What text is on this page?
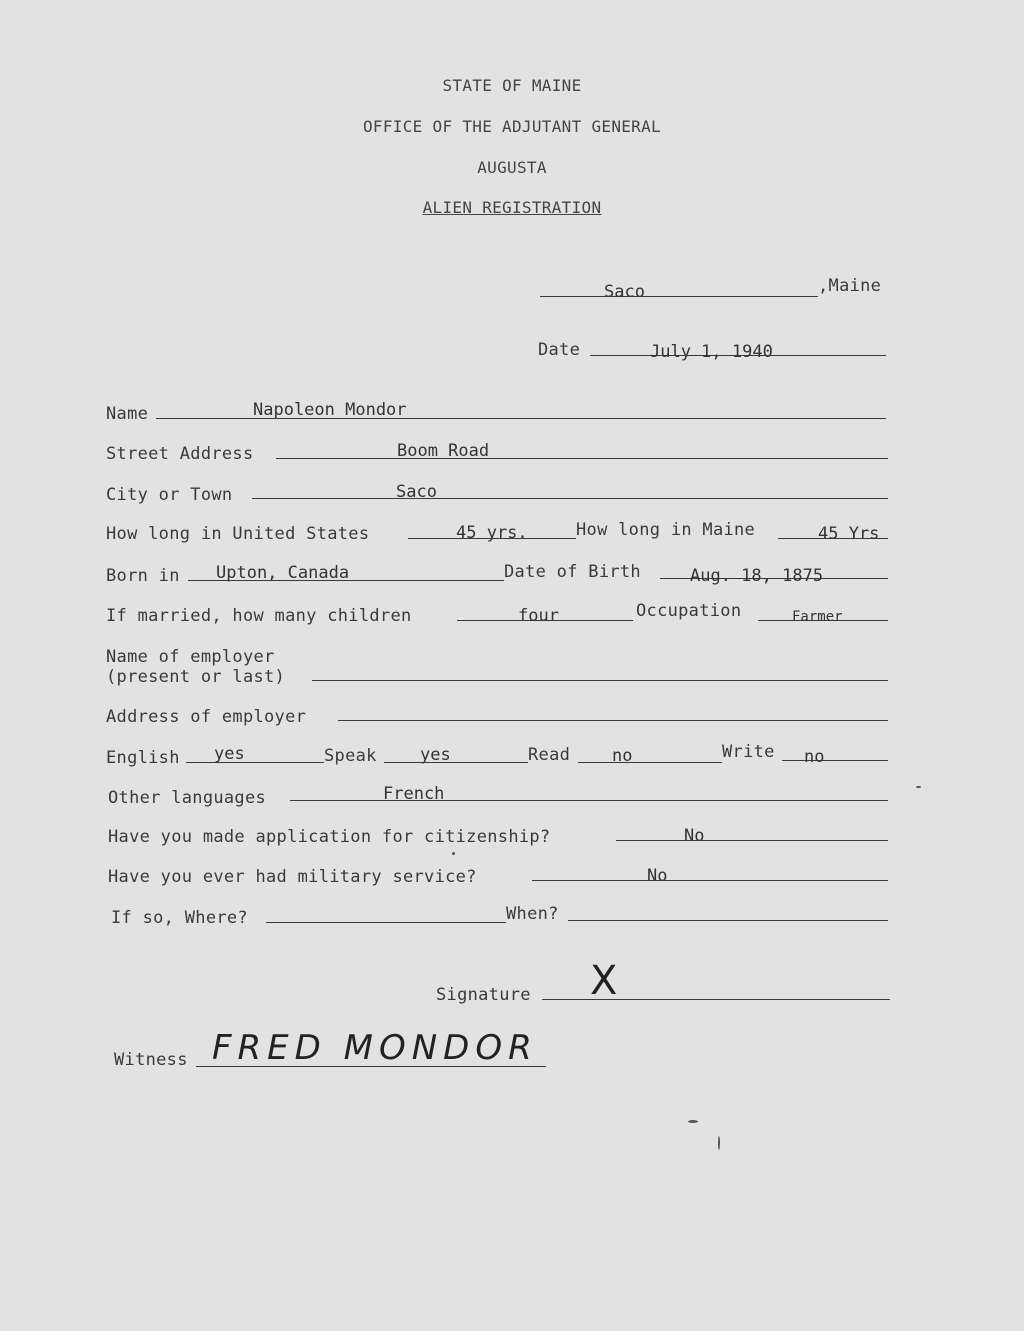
STATE OF MAINE
OFFICE OF THE ADJUTANT GENERAL
AUGUSTA
ALIEN REGISTRATION
Saco	,Maine
Date	July 1, 1940
Name	Napoleon Mondor
Street Address	Boom Road
City or Town	Saco
How long in United States	45 yrs.	How long in Maine	45 Yrs
Born in Upton, Canada	Date of Birth	Aug. 18, 1875
If married, how many children	four	Occupation	Farmer
Name of employer
(present or last)
Address of employer
English yes	Speak	yes	Read no	Write no
Other languages	French
Have you made application for citizenship?	No
Have you ever had military service?	No
If so, Where?	When?
Signature X
Witness FRED MONDOR
